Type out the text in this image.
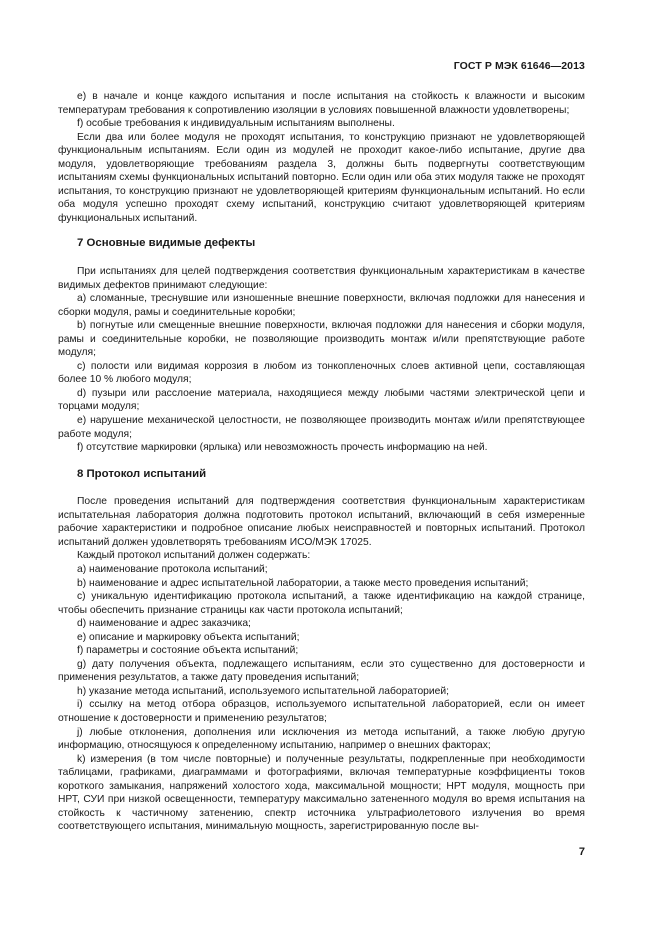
ГОСТ Р МЭК 61646—2013

e) в начале и конце каждого испытания и после испытания на стойкость к влажности и высоким температурам требования к сопротивлению изоляции в условиях повышенной влажности удовлетворены;

f) особые требования к индивидуальным испытаниям выполнены.

Если два или более модуля не проходят испытания, то конструкцию признают не удовлетворяющей функциональным испытаниям. Если один из модулей не проходит какое-либо испытание, другие два модуля, удовлетворяющие требованиям раздела 3, должны быть подвергнуты соответствующим испытаниям схемы функциональных испытаний повторно. Если один или оба этих модуля также не проходят испытания, то конструкцию признают не удовлетворяющей критериям функциональным испытаний. Но если оба модуля успешно проходят схему испытаний, конструкцию считают удовлетворяющей критериям функциональных испытаний.

7 Основные видимые дефекты

При испытаниях для целей подтверждения соответствия функциональным характеристикам в качестве видимых дефектов принимают следующие:

a) сломанные, треснувшие или изношенные внешние поверхности, включая подложки для нанесения и сборки модуля, рамы и соединительные коробки;

b) погнутые или смещенные внешние поверхности, включая подложки для нанесения и сборки модуля, рамы и соединительные коробки, не позволяющие производить монтаж и/или препятствующие работе модуля;

c) полости или видимая коррозия в любом из тонкопленочных слоев активной цепи, составляющая более 10 % любого модуля;

d) пузыри или расслоение материала, находящиеся между любыми частями электрической цепи и торцами модуля;

e) нарушение механической целостности, не позволяющее производить монтаж и/или препятствующее работе модуля;

f) отсутствие маркировки (ярлыка) или невозможность прочесть информацию на ней.

8 Протокол испытаний

После проведения испытаний для подтверждения соответствия функциональным характеристикам испытательная лаборатория должна подготовить протокол испытаний, включающий в себя измеренные рабочие характеристики и подробное описание любых неисправностей и повторных испытаний. Протокол испытаний должен удовлетворять требованиям ИСО/МЭК 17025.

Каждый протокол испытаний должен содержать:

a) наименование протокола испытаний;

b) наименование и адрес испытательной лаборатории, а также место проведения испытаний;

c) уникальную идентификацию протокола испытаний, а также идентификацию на каждой странице, чтобы обеспечить признание страницы как части протокола испытаний;

d) наименование и адрес заказчика;

e) описание и маркировку объекта испытаний;

f) параметры и состояние объекта испытаний;

g) дату получения объекта, подлежащего испытаниям, если это существенно для достоверности и применения результатов, а также дату проведения испытаний;

h) указание метода испытаний, используемого испытательной лабораторией;

i) ссылку на метод отбора образцов, используемого испытательной лабораторией, если он имеет отношение к достоверности и применению результатов;

j) любые отклонения, дополнения или исключения из метода испытаний, а также любую другую информацию, относящуюся к определенному испытанию, например о внешних факторах;

k) измерения (в том числе повторные) и полученные результаты, подкрепленные при необходимости таблицами, графиками, диаграммами и фотографиями, включая температурные коэффициенты токов короткого замыкания, напряжений холостого хода, максимальной мощности; НРТ модуля, мощность при НРТ, СУИ при низкой освещенности, температуру максимально затененного модуля во время испытания на стойкость к частичному затенению, спектр источника ультрафиолетового излучения во время соответствующего испытания, минимальную мощность, зарегистрированную после вы-

7
